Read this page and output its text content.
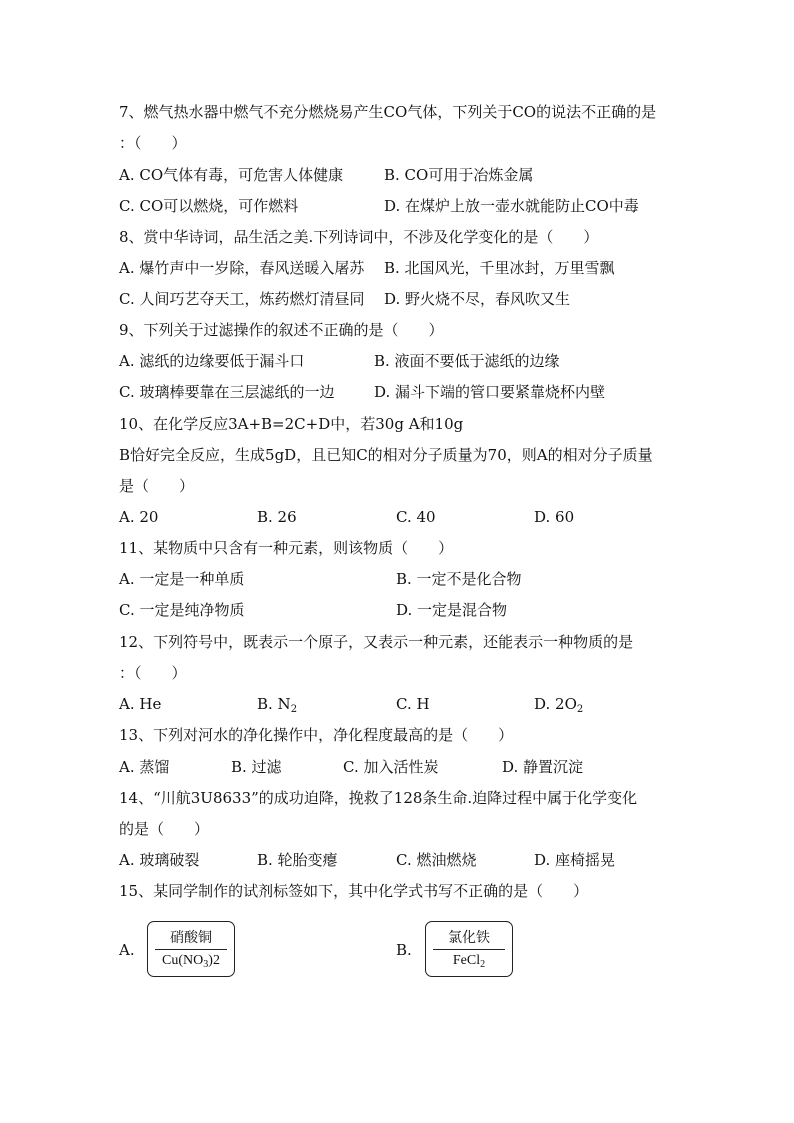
7、燃气热水器中燃气不充分燃烧易产生CO气体，下列关于CO的说法不正确的是
：（　　）
A. CO气体有毒，可危害人体健康	B. CO可用于冶炼金属
C. CO可以燃烧，可作燃料	D. 在煤炉上放一壶水就能防止CO中毒
8、赏中华诗词，品生活之美.下列诗词中，不涉及化学变化的是（　　）
A. 爆竹声中一岁除，春风送暖入屠苏 B. 北国风光，千里冰封，万里雪飘
C. 人间巧艺夺天工，炼药燃灯清昼同 D. 野火烧不尽，春风吹又生
9、下列关于过滤操作的叙述不正确的是（　　）
A. 滤纸的边缘要低于漏斗口	B. 液面不要低于滤纸的边缘
C. 玻璃棒要靠在三层滤纸的一边	D. 漏斗下端的管口要紧靠烧杯内壁
10、在化学反应3A+B=2C+D中，若30g A和10g
B恰好完全反应，生成5gD，且已知C的相对分子质量为70，则A的相对分子质量
是（　　）
A. 20	B. 26	C. 40	D. 60
11、某物质中只含有一种元素，则该物质（　　）
A. 一定是一种单质	B. 一定不是化合物
C. 一定是纯净物质	D. 一定是混合物
12、下列符号中，既表示一个原子，又表示一种元素，还能表示一种物质的是
：（　　）
A. He	B. $N_2$	C. H	D. $2O_2$
13、下列对河水的净化操作中，净化程度最高的是（　　）
A. 蒸馏	B. 过滤	C. 加入活性炭	D. 静置沉淀
14、“川航3U8633”的成功迫降，挽救了128条生命.迫降过程中属于化学变化
的是（　　）
A. 玻璃破裂	B. 轮胎变瘪	C. 燃油燃烧	D. 座椅摇晃
15、某同学制作的试剂标签如下，其中化学式书写不正确的是（　　）
A.
硝酸铜
$Cu(NO_3)2$
B.
氯化铁
FeCl$_2$
